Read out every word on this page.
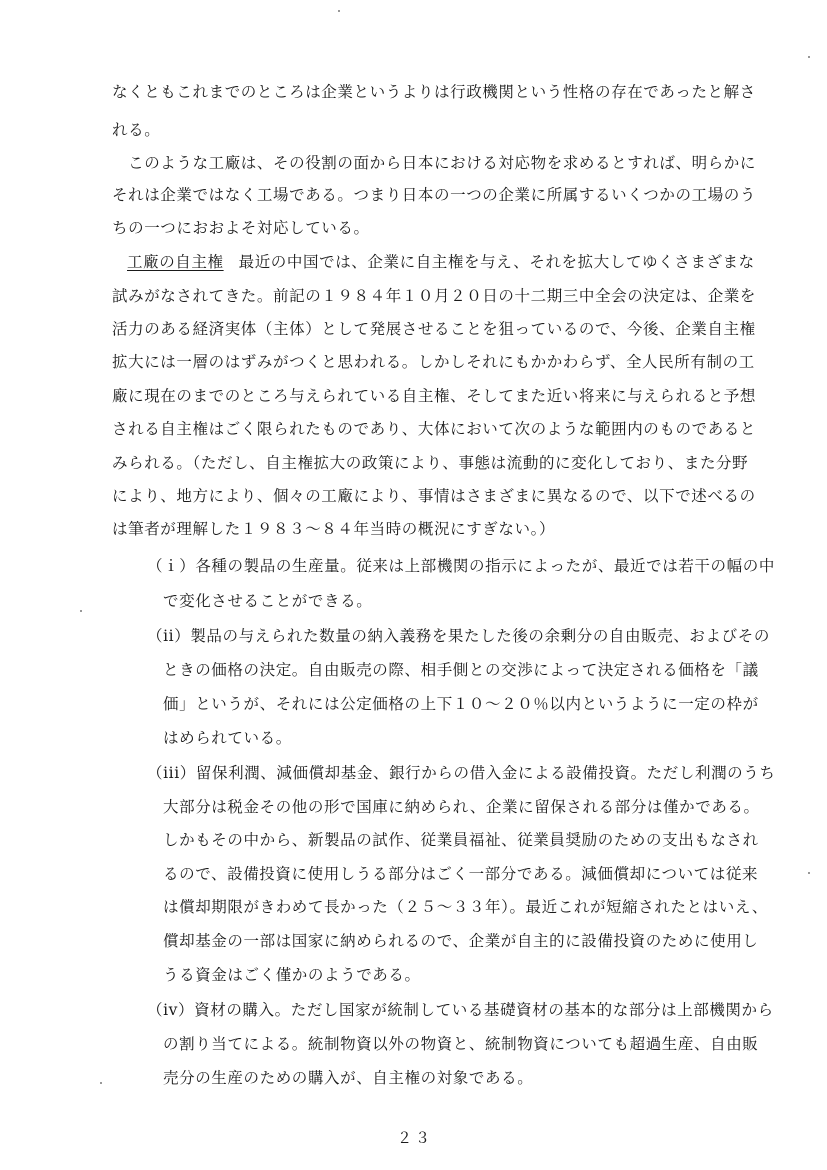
なくともこれまでのところは企業というよりは行政機関という性格の存在であったと解さ
れる。
　このような工廠は、その役割の面から日本における対応物を求めるとすれば、明らかに
それは企業ではなく工場である。つまり日本の一つの企業に所属するいくつかの工場のう
ちの一つにおおよそ対応している。
工廠の自主権 最近の中国では、企業に自主権を与え、それを拡大してゆくさまざまな
試みがなされてきた。前記の１９８４年１０月２０日の十二期三中全会の決定は、企業を
活力のある経済実体（主体）として発展させることを狙っているので、今後、企業自主権
拡大には一層のはずみがつくと思われる。しかしそれにもかかわらず、全人民所有制の工
廠に現在のまでのところ与えられている自主権、そしてまた近い将来に与えられると予想
される自主権はごく限られたものであり、大体において次のような範囲内のものであると
みられる。（ただし、自主権拡大の政策により、事態は流動的に変化しており、また分野
により、地方により、個々の工廠により、事情はさまざまに異なるので、以下で述べるの
は筆者が理解した１９８３〜８４年当時の概況にすぎない。）
（ｉ）各種の製品の生産量。従来は上部機関の指示によったが、最近では若干の幅の中
で変化させることができる。
（ii）製品の与えられた数量の納入義務を果たした後の余剰分の自由販売、およびその
ときの価格の決定。自由販売の際、相手側との交渉によって決定される価格を「議
価」というが、それには公定価格の上下１０〜２０％以内というように一定の枠が
はめられている。
（iii）留保利潤、減価償却基金、銀行からの借入金による設備投資。ただし利潤のうち
大部分は税金その他の形で国庫に納められ、企業に留保される部分は僅かである。
しかもその中から、新製品の試作、従業員福祉、従業員奨励のための支出もなされ
るので、設備投資に使用しうる部分はごく一部分である。減価償却については従来
は償却期限がきわめて長かった（２５〜３３年）。最近これが短縮されたとはいえ、
償却基金の一部は国家に納められるので、企業が自主的に設備投資のために使用し
うる資金はごく僅かのようである。
（iv）資材の購入。ただし国家が統制している基礎資材の基本的な部分は上部機関から
の割り当てによる。統制物資以外の物資と、統制物資についても超過生産、自由販
売分の生産のための購入が、自主権の対象である。
２３
